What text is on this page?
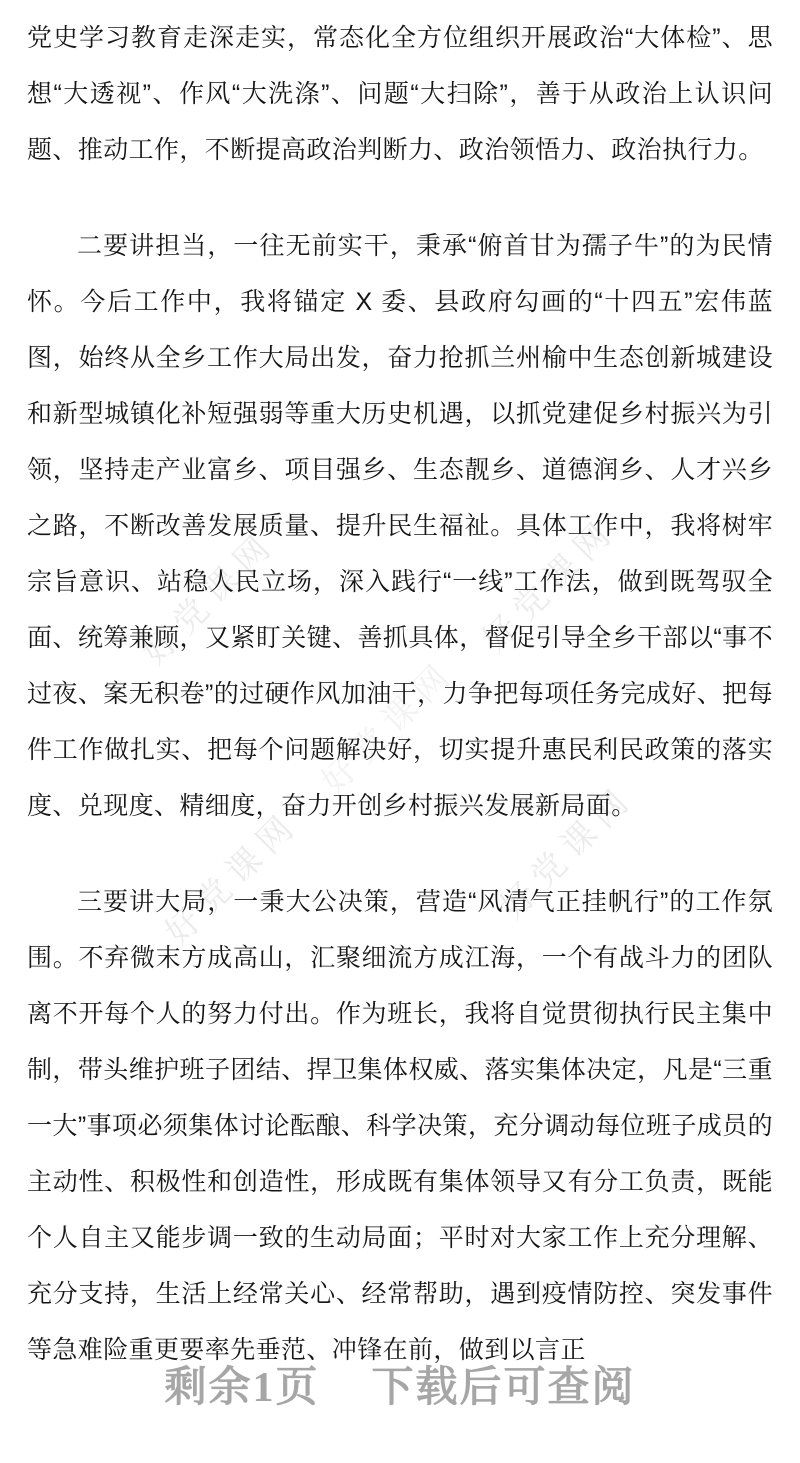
好党课网	好党课网
好党课网	好党课网
好党课网

党史学习教育走深走实，常态化全方位组织开展政治“大体检”、思想“大透视”、作风“大洗涤”、问题“大扫除”，善于从政治上认识问题、推动工作，不断提高政治判断力、政治领悟力、政治执行力。

二要讲担当，一往无前实干，秉承“俯首甘为孺子牛”的为民情怀。今后工作中，我将锚定 X 委、县政府勾画的“十四五”宏伟蓝图，始终从全乡工作大局出发，奋力抢抓兰州榆中生态创新城建设和新型城镇化补短强弱等重大历史机遇，以抓党建促乡村振兴为引领，坚持走产业富乡、项目强乡、生态靓乡、道德润乡、人才兴乡之路，不断改善发展质量、提升民生福祉。具体工作中，我将树牢宗旨意识、站稳人民立场，深入践行“一线”工作法，做到既驾驭全面、统筹兼顾，又紧盯关键、善抓具体，督促引导全乡干部以“事不过夜、案无积卷”的过硬作风加油干，力争把每项任务完成好、把每件工作做扎实、把每个问题解决好，切实提升惠民利民政策的落实度、兑现度、精细度，奋力开创乡村振兴发展新局面。

三要讲大局，一秉大公决策，营造“风清气正挂帆行”的工作氛围。不弃微末方成高山，汇聚细流方成江海，一个有战斗力的团队离不开每个人的努力付出。作为班长，我将自觉贯彻执行民主集中制，带头维护班子团结、捍卫集体权威、落实集体决定，凡是“三重一大”事项必须集体讨论酝酿、科学决策，充分调动每位班子成员的主动性、积极性和创造性，形成既有集体领导又有分工负责，既能个人自主又能步调一致的生动局面；平时对大家工作上充分理解、充分支持，生活上经常关心、经常帮助，遇到疫情防控、突发事件等急难险重更要率先垂范、冲锋在前，做到以言正

剩余1页 下载后可查阅
